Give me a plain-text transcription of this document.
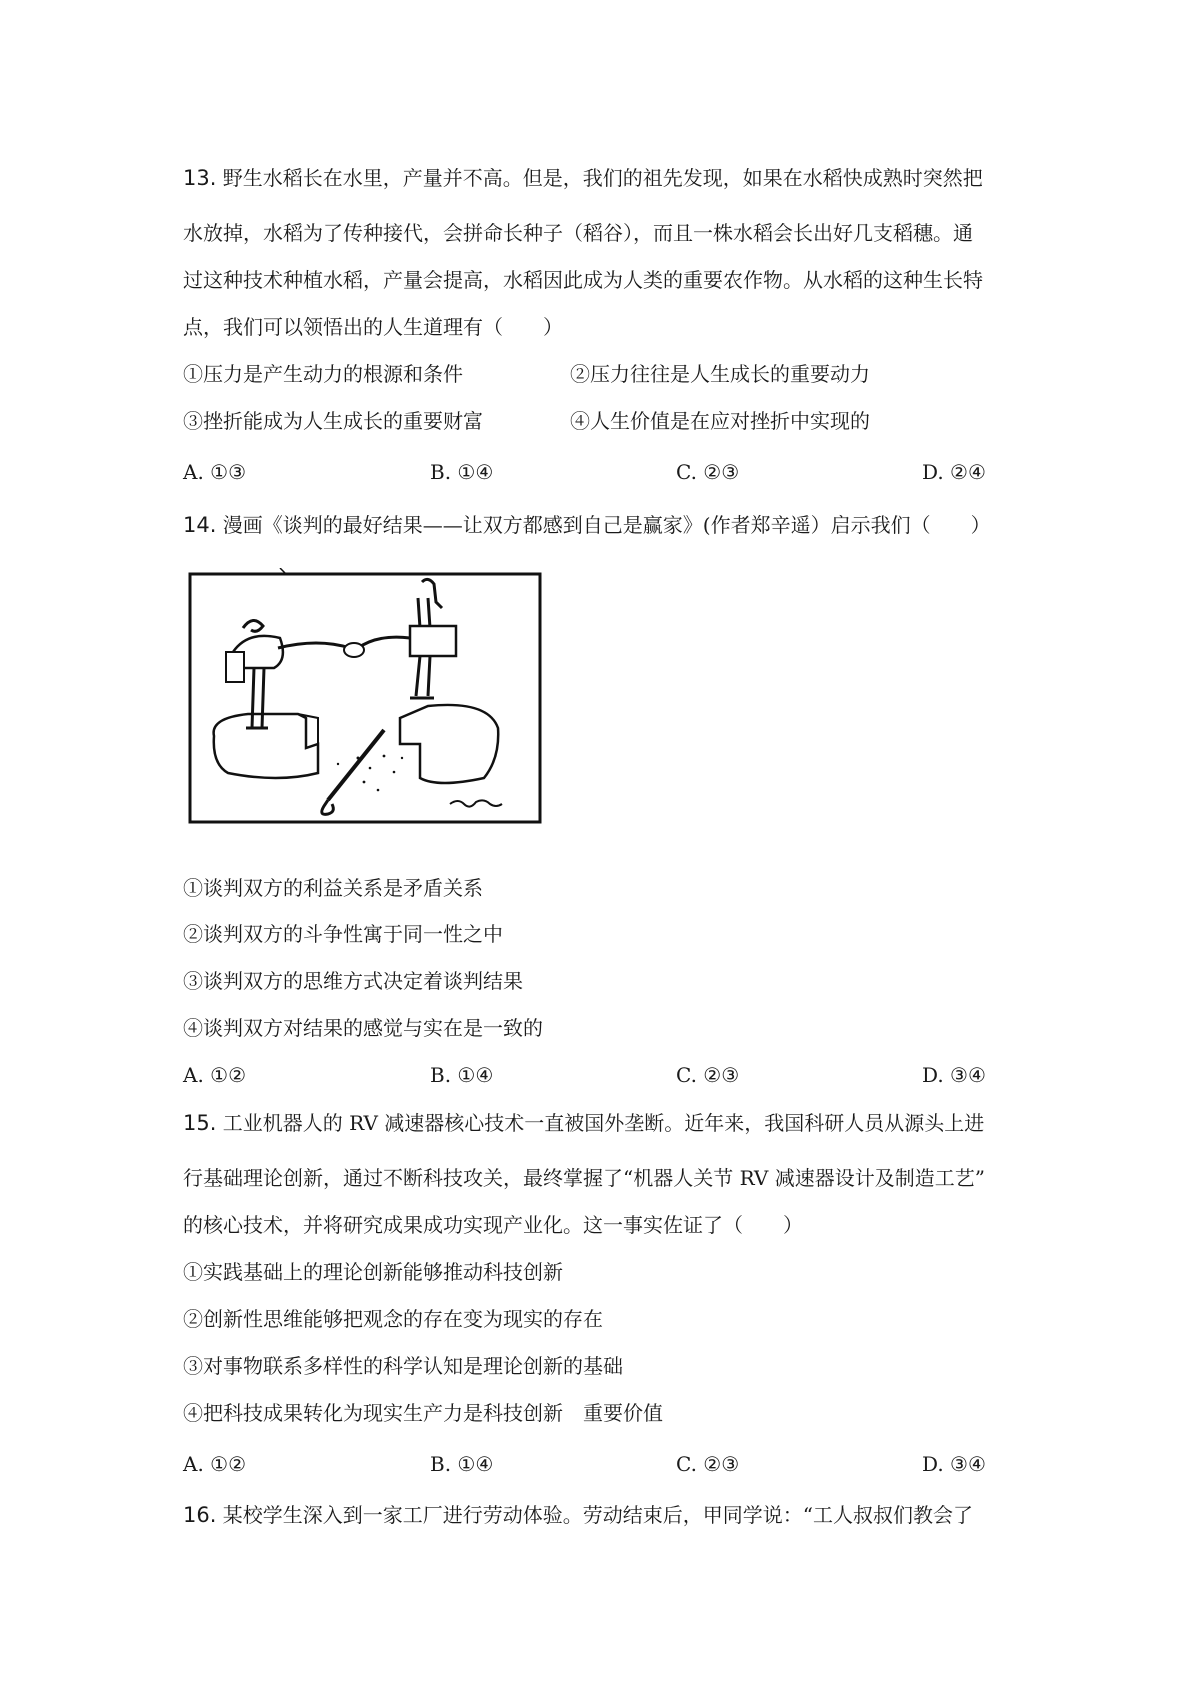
13. 野生水稻长在水里，产量并不高。但是，我们的祖先发现，如果在水稻快成熟时突然把
水放掉，水稻为了传种接代，会拼命长种子（稻谷），而且一株水稻会长出好几支稻穗。通
过这种技术种植水稻，产量会提高，水稻因此成为人类的重要农作物。从水稻的这种生长特
点，我们可以领悟出的人生道理有（　　）
①压力是产生动力的根源和条件	②压力往往是人生成长的重要动力
③挫折能成为人生成长的重要财富	④人生价值是在应对挫折中实现的
A. ①③	B. ①④	C. ②③	D. ②④
14. 漫画《谈判的最好结果——让双方都感到自己是赢家》(作者郑辛遥）启示我们（　　）
①谈判双方的利益关系是矛盾关系
②谈判双方的斗争性寓于同一性之中
③谈判双方的思维方式决定着谈判结果
④谈判双方对结果的感觉与实在是一致的
A. ①②	B. ①④	C. ②③	D. ③④
15. 工业机器人的 RV 减速器核心技术一直被国外垄断。近年来，我国科研人员从源头上进
行基础理论创新，通过不断科技攻关，最终掌握了“机器人关节 RV 减速器设计及制造工艺”
的核心技术，并将研究成果成功实现产业化。这一事实佐证了（　　）
①实践基础上的理论创新能够推动科技创新
②创新性思维能够把观念的存在变为现实的存在
③对事物联系多样性的科学认知是理论创新的基础
④把科技成果转化为现实生产力是科技创新　重要价值
A. ①②	B. ①④	C. ②③	D. ③④
16. 某校学生深入到一家工厂进行劳动体验。劳动结束后，甲同学说：“工人叔叔们教会了
